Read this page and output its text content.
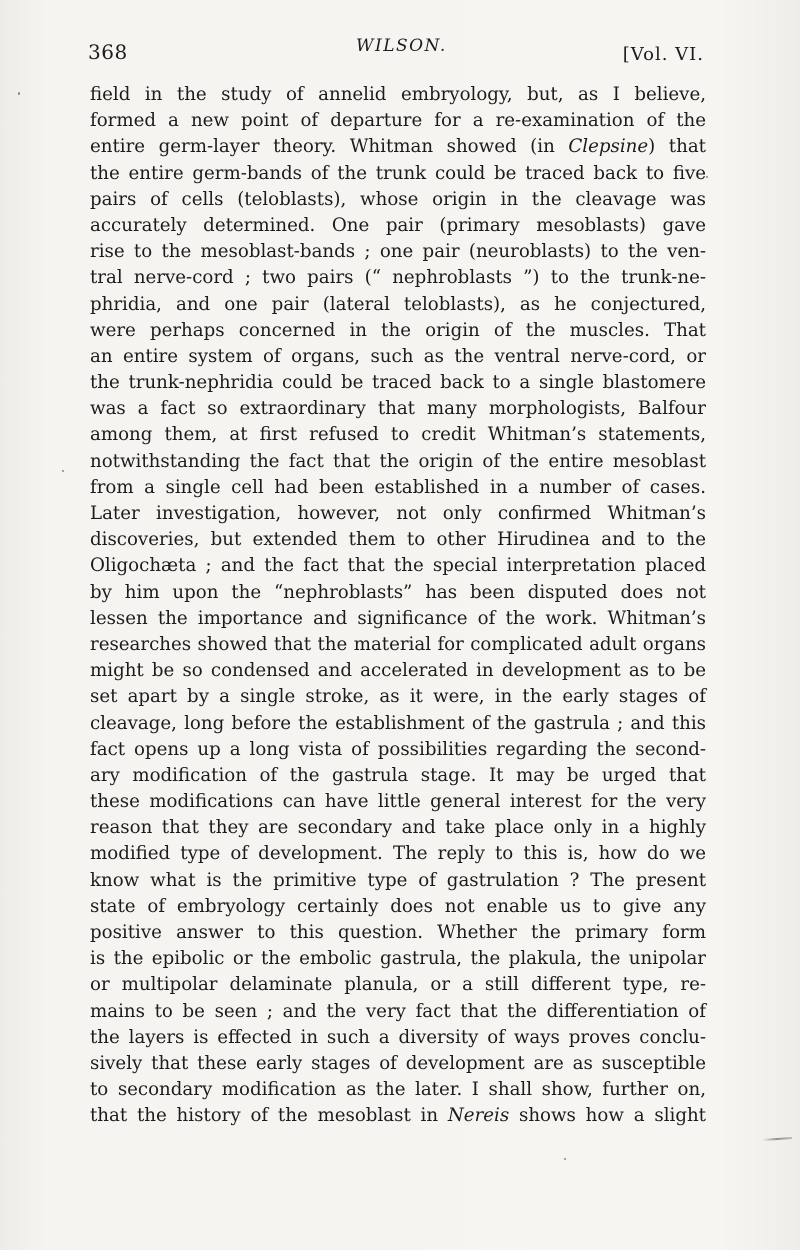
368	WILSON.	[Vol. VI.
field in the study of annelid embryology, but, as I believe,
formed a new point of departure for a re-examination of the
entire germ-layer theory. Whitman showed (in Clepsine) that
the entire germ-bands of the trunk could be traced back to five
pairs of cells (teloblasts), whose origin in the cleavage was
accurately determined. One pair (primary mesoblasts) gave
rise to the mesoblast-bands ; one pair (neuroblasts) to the ven-
tral nerve-cord ; two pairs (“ nephroblasts ”) to the trunk-ne-
phridia, and one pair (lateral teloblasts), as he conjectured,
were perhaps concerned in the origin of the muscles. That
an entire system of organs, such as the ventral nerve-cord, or
the trunk-nephridia could be traced back to a single blastomere
was a fact so extraordinary that many morphologists, Balfour
among them, at first refused to credit Whitman’s statements,
notwithstanding the fact that the origin of the entire mesoblast
from a single cell had been established in a number of cases.
Later investigation, however, not only confirmed Whitman’s
discoveries, but extended them to other Hirudinea and to the
Oligochæta ; and the fact that the special interpretation placed
by him upon the “nephroblasts” has been disputed does not
lessen the importance and significance of the work. Whitman’s
researches showed that the material for complicated adult organs
might be so condensed and accelerated in development as to be
set apart by a single stroke, as it were, in the early stages of
cleavage, long before the establishment of the gastrula ; and this
fact opens up a long vista of possibilities regarding the second-
ary modification of the gastrula stage. It may be urged that
these modifications can have little general interest for the very
reason that they are secondary and take place only in a highly
modified type of development. The reply to this is, how do we
know what is the primitive type of gastrulation ? The present
state of embryology certainly does not enable us to give any
positive answer to this question. Whether the primary form
is the epibolic or the embolic gastrula, the plakula, the unipolar
or multipolar delaminate planula, or a still different type, re-
mains to be seen ; and the very fact that the differentiation of
the layers is effected in such a diversity of ways proves conclu-
sively that these early stages of development are as susceptible
to secondary modification as the later. I shall show, further on,
that the history of the mesoblast in Nereis shows how a slight
